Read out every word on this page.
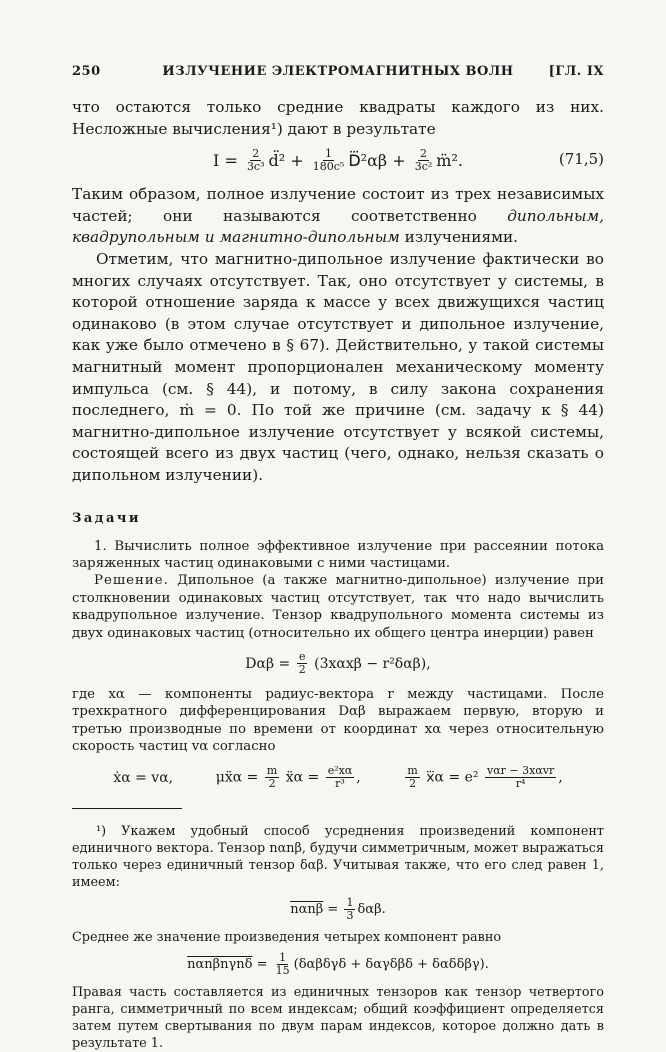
250	ИЗЛУЧЕНИЕ ЭЛЕКТРОМАГНИТНЫХ ВОЛН	[ГЛ. IX

что остаются только средние квадраты каждого из них. Несложные вычисления¹) дают в результате

I =
$\frac{2}{\text{3c³}}$ d̈² + $\frac{1}{\text{180c⁵}}$ D⃛²αβ + $\frac{2}{\text{3c²}}$ m̈².	(71,5)

Таким образом, полное излучение состоит из трех независимых частей; они называются соответственно дипольным, квадрупольным и магнитно-дипольным излучениями.

Отметим, что магнитно-дипольное излучение фактически во многих случаях отсутствует. Так, оно отсутствует у системы, в которой отношение заряда к массе у всех движущихся частиц одинаково (в этом случае отсутствует и дипольное излучение, как уже было отмечено в § 67). Действительно, у такой системы магнитный момент пропорционален механическому моменту импульса (см. § 44), и потому, в силу закона сохранения последнего, ṁ = 0. По той же причине (см. задачу к § 44) магнитно-дипольное излучение отсутствует у всякой системы, состоящей всего из двух частиц (чего, однако, нельзя сказать о дипольном излучении).

Задачи

1. Вычислить полное эффективное излучение при рассеянии потока заряженных частиц одинаковыми с ними частицами.

Решение. Дипольное (а также магнитно-дипольное) излучение при столкновении одинаковых частиц отсутствует, так что надо вычислить квадрупольное излучение. Тензор квадрупольного момента системы из двух одинаковых частиц (относительно их общего центра инерции) равен

Dαβ =
$\frac{e}{2}$
(3xαxβ − r²δαβ),

где xα — компоненты радиус-вектора r между частицами. После трехкратного дифференцирования Dαβ выражаем первую, вторую и третью производные по времени от координат xα через относительную скорость частиц vα согласно

ẋα = vα,	μẍα = $\frac{m}{2}$ ẍα = $\frac{\text{e²xα}}{\text{r³}}$ ,	$\frac{m}{2}$ x⃛α = $e^2 \frac{\text{vαr − 3xαvr}}{\text{r⁴}}$ ,

¹) Укажем удобный способ усреднения произведений компонент единичного вектора. Тензор nαnβ, будучи симметричным, может выражаться только через единичный тензор δαβ. Учитывая также, что его след равен 1, имеем:

$n\alpha n\beta = \frac{1}{3} \delta\alpha\beta$.

Среднее же значение произведения четырех компонент равно

$n\alpha n\beta n\gamma n\delta = \frac{1}{15} (\delta\alpha\beta\delta\gamma\delta + \delta\alpha\gamma\delta\beta\delta + \delta\alpha\delta\delta\beta\gamma)$.

Правая часть составляется из единичных тензоров как тензор четвертого ранга, симметричный по всем индексам; общий коэффициент определяется затем путем свертывания по двум парам индексов, которое должно дать в результате 1.
